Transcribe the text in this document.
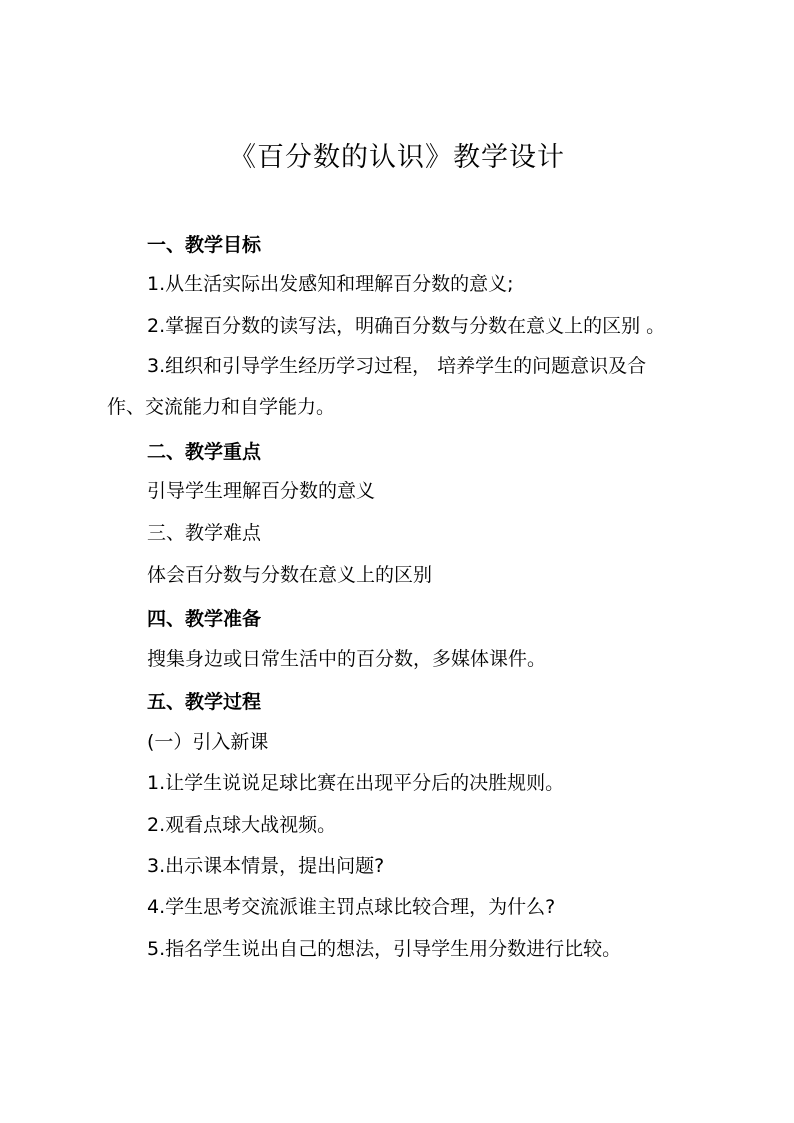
《百分数的认识》教学设计
一、教学目标
1.从生活实际出发感知和理解百分数的意义;
2.掌握百分数的读写法，明确百分数与分数在意义上的区别 。
3.组织和引导学生经历学习过程， 培养学生的问题意识及合
作、交流能力和自学能力。
二、教学重点
引导学生理解百分数的意义
三、教学难点
体会百分数与分数在意义上的区别
四、教学准备
搜集身边或日常生活中的百分数，多媒体课件。
五、教学过程
(一）引入新课
1.让学生说说足球比赛在出现平分后的决胜规则。
2.观看点球大战视频。
3.出示课本情景，提出问题?
4.学生思考交流派谁主罚点球比较合理，为什么?
5.指名学生说出自己的想法，引导学生用分数进行比较。
